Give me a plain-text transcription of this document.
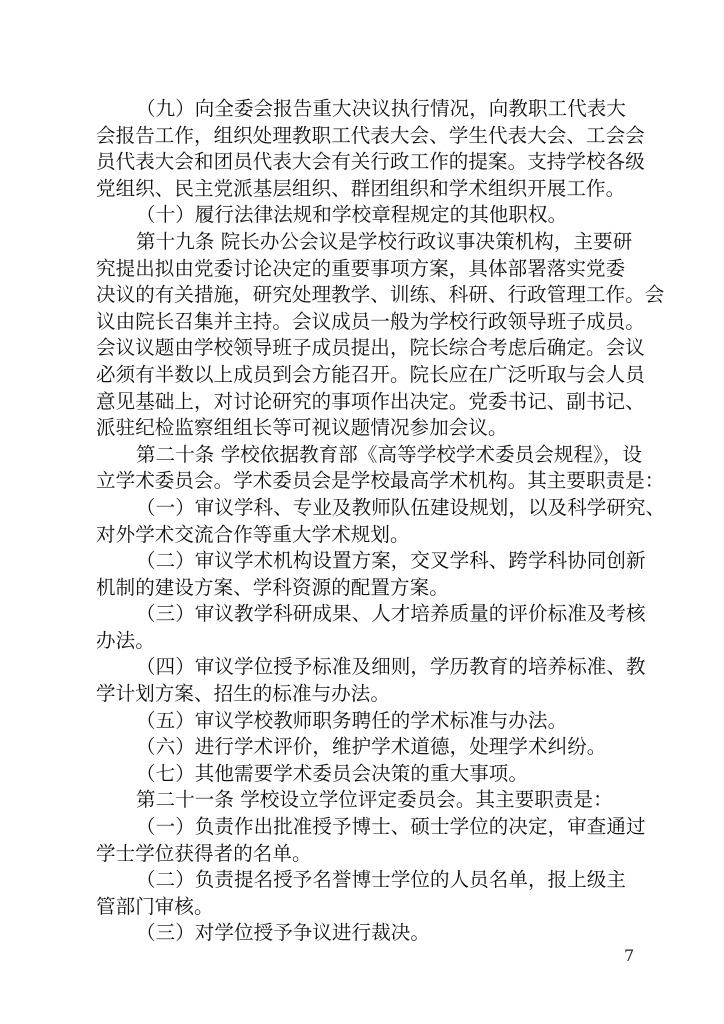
（九）向全委会报告重大决议执行情况，向教职工代表大
会报告工作，组织处理教职工代表大会、学生代表大会、工会会
员代表大会和团员代表大会有关行政工作的提案。支持学校各级
党组织、民主党派基层组织、群团组织和学术组织开展工作。
（十）履行法律法规和学校章程规定的其他职权。
第十九条 院长办公会议是学校行政议事决策机构，主要研
究提出拟由党委讨论决定的重要事项方案，具体部署落实党委
决议的有关措施，研究处理教学、训练、科研、行政管理工作。会
议由院长召集并主持。会议成员一般为学校行政领导班子成员。
会议议题由学校领导班子成员提出，院长综合考虑后确定。会议
必须有半数以上成员到会方能召开。院长应在广泛听取与会人员
意见基础上，对讨论研究的事项作出决定。党委书记、副书记、
派驻纪检监察组组长等可视议题情况参加会议。
第二十条 学校依据教育部《高等学校学术委员会规程》，设
立学术委员会。学术委员会是学校最高学术机构。其主要职责是：
（一）审议学科、专业及教师队伍建设规划，以及科学研究、
对外学术交流合作等重大学术规划。
（二）审议学术机构设置方案，交叉学科、跨学科协同创新
机制的建设方案、学科资源的配置方案。
（三）审议教学科研成果、人才培养质量的评价标准及考核
办法。
（四）审议学位授予标准及细则，学历教育的培养标准、教
学计划方案、招生的标准与办法。
（五）审议学校教师职务聘任的学术标准与办法。
（六）进行学术评价，维护学术道德，处理学术纠纷。
（七）其他需要学术委员会决策的重大事项。
第二十一条 学校设立学位评定委员会。其主要职责是：
（一）负责作出批准授予博士、硕士学位的决定，审查通过
学士学位获得者的名单。
（二）负责提名授予名誉博士学位的人员名单，报上级主
管部门审核。
（三）对学位授予争议进行裁决。
7
